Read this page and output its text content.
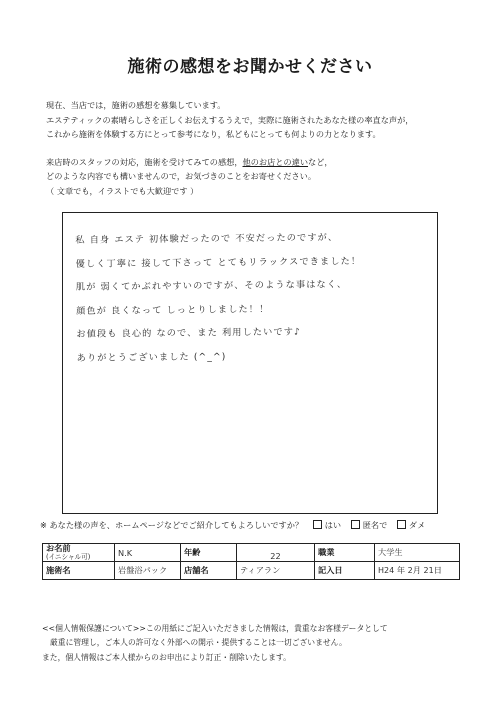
施術の感想をお聞かせください

現在、当店では，施術の感想を募集しています。

エステティックの素晴らしさを正しくお伝えするうえで，実際に施術されたあなた様の率直な声が，

これから施術を体験する方にとって参考になり，私どもにとっても何よりの力となります。

来店時のスタッフの対応，施術を受けてみての感想，他のお店との違いなど，

どのような内容でも構いませんので，お気づきのことをお寄せください。

（ 文章でも，イラストでも大歓迎です ）

私 自身 エステ 初体験だったので 不安だったのですが、

優しく丁寧に 接して下さって とてもリラックスできました！

肌が 弱くてかぶれやすいのですが、そのような事はなく、

顔色が 良くなって しっとりしました！！

お値段も 良心的 なので、また 利用したいです♪

ありがとうございました (^_^)

※ あなた様の声を、ホームページなどでご紹介してもよろしいですか？	はい	匿名で	ダメ
お名前
(イニシャル可)	N.K	年齢	22	職業	大学生
施術名	岩盤浴パック	店舗名	ティアラン	記入日	H24 年 2月 21日

<<個人情報保護について>>この用紙にご記入いただきました情報は，貴重なお客様データとして

厳重に管理し，ご本人の許可なく外部への開示・提供することは一切ございません。

また，個人情報はご本人様からのお申出により訂正・削除いたします。
